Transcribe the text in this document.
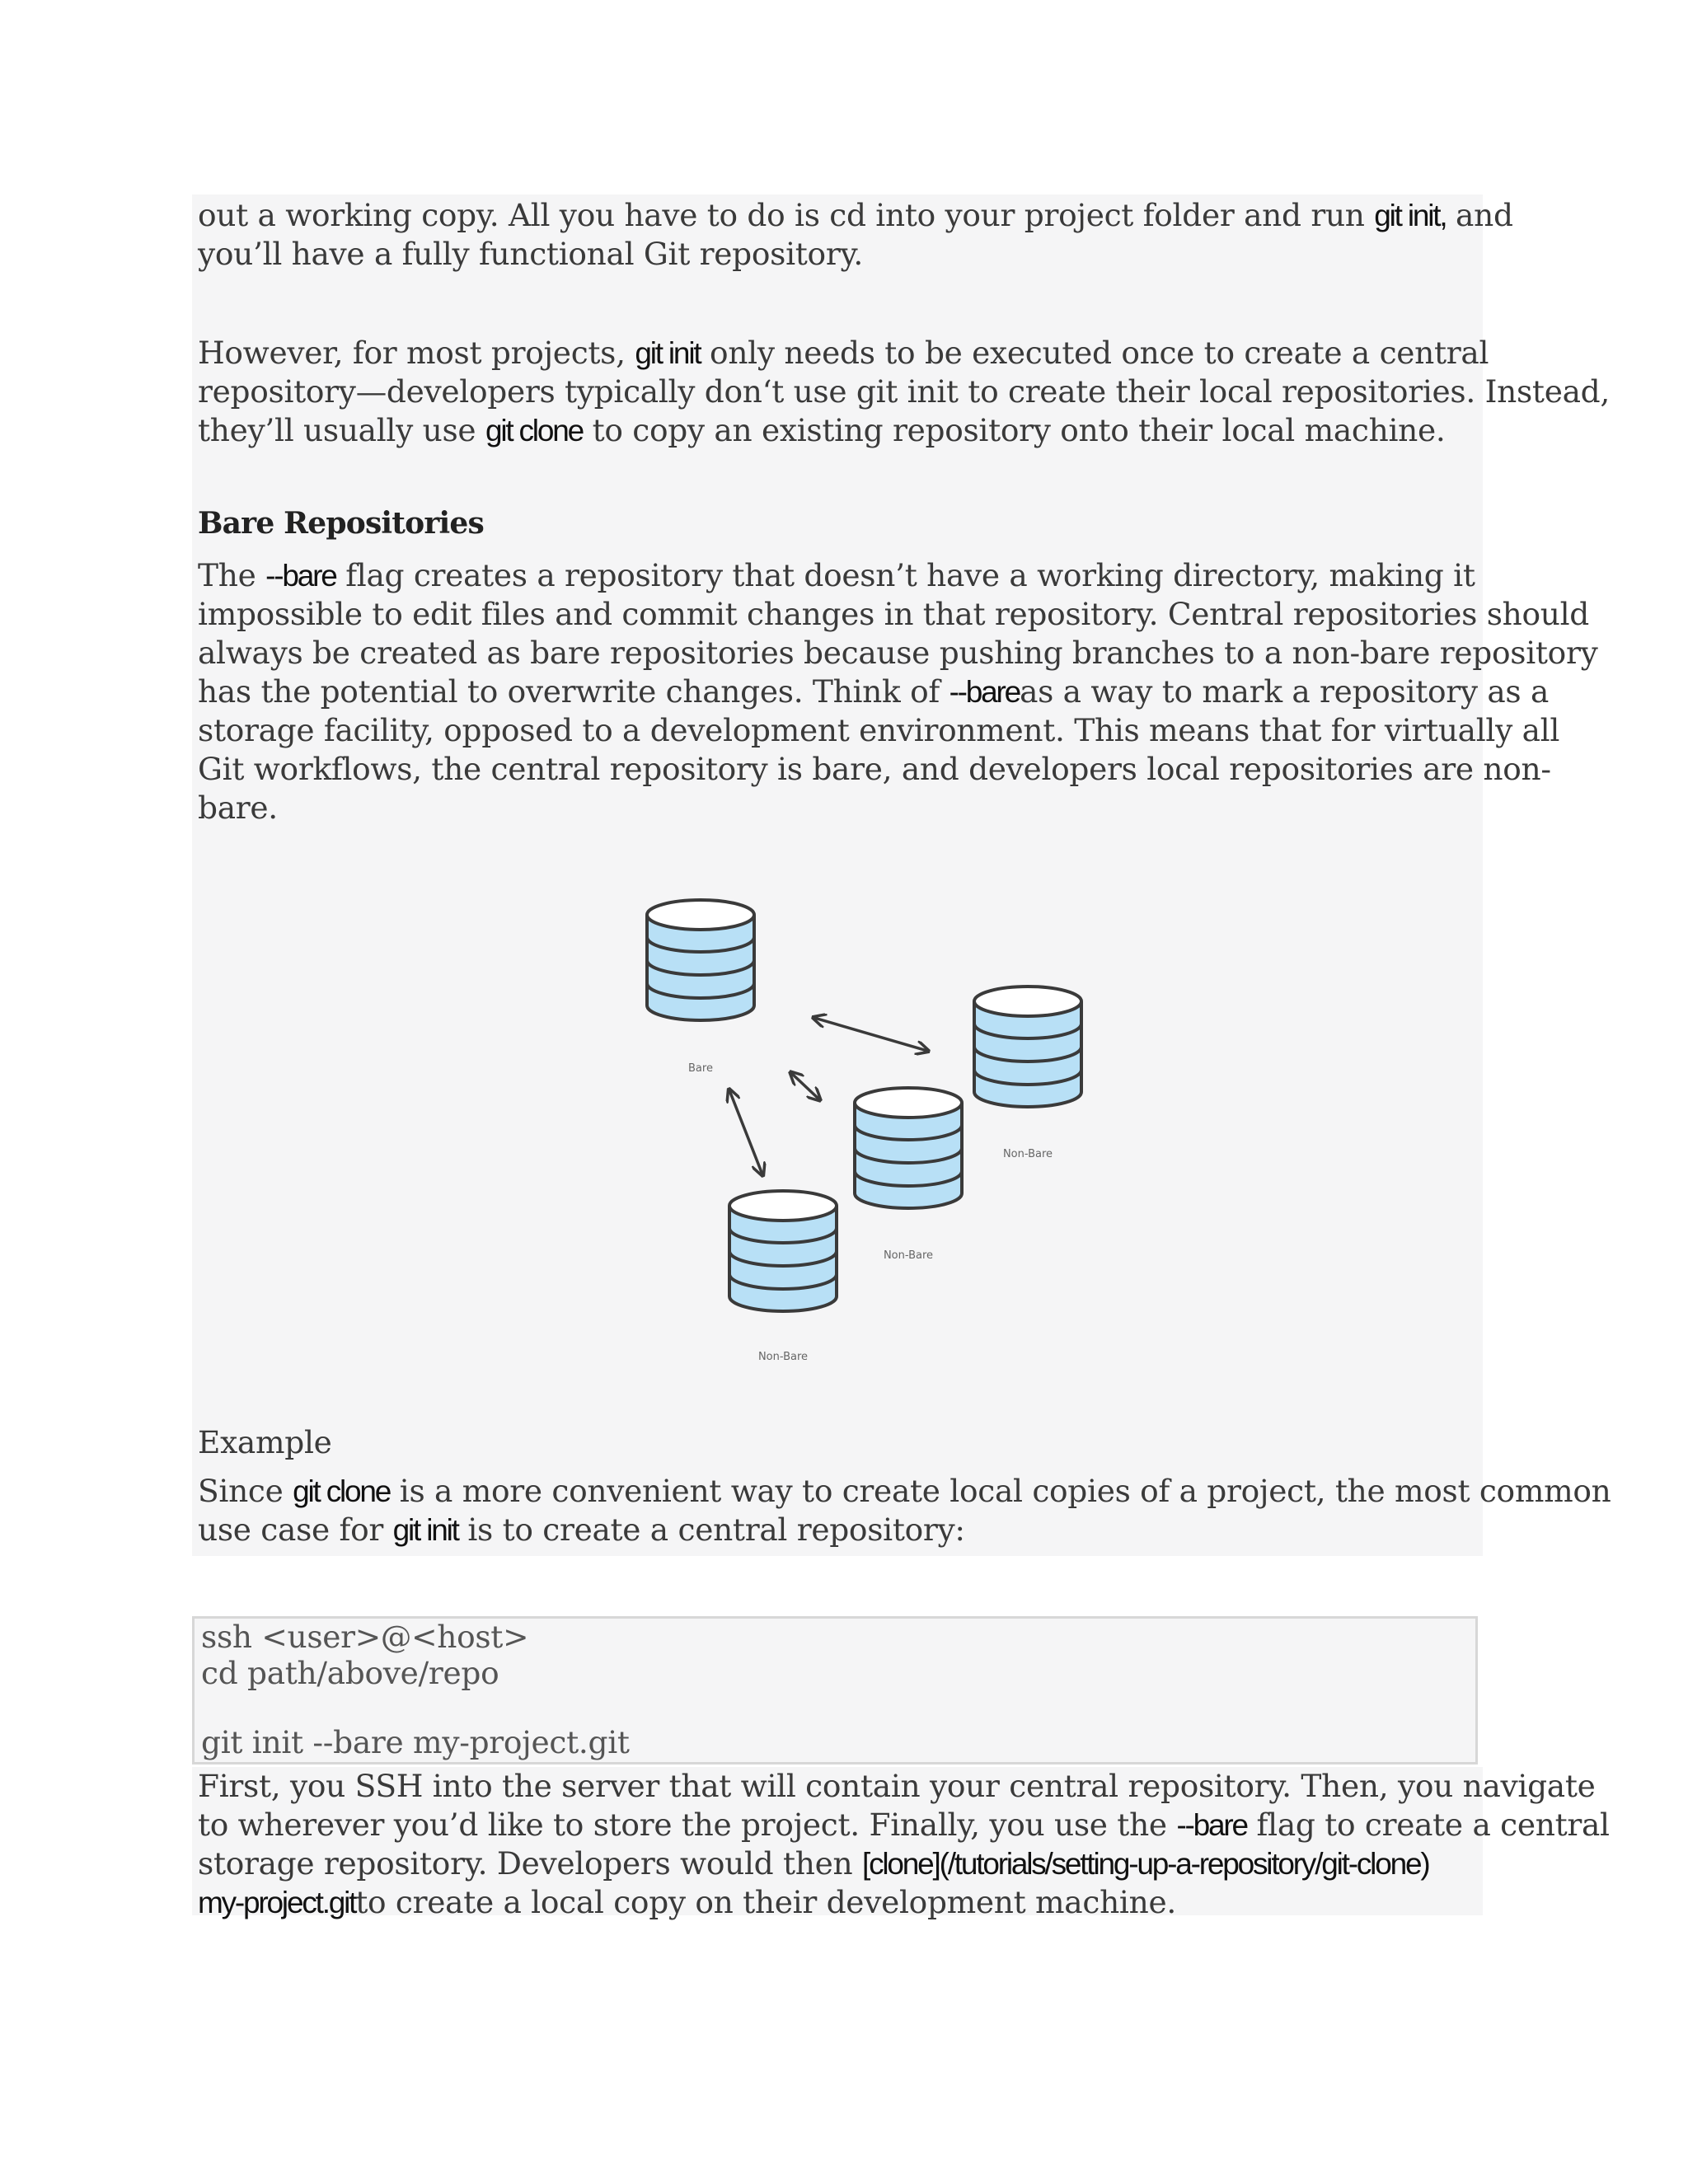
out a working copy. All you have to do is cd into your project folder and run git init, and

you’ll have a fully functional Git repository.

However, for most projects, git init only needs to be executed once to create a central

repository—developers typically don‘t use git init to create their local repositories. Instead,

they’ll usually use git clone to copy an existing repository onto their local machine.

Bare Repositories

The --bare flag creates a repository that doesn’t have a working directory, making it

impossible to edit files and commit changes in that repository. Central repositories should

always be created as bare repositories because pushing branches to a non-bare repository

has the potential to overwrite changes. Think of --bareas a way to mark a repository as a

storage facility, opposed to a development environment. This means that for virtually all

Git workflows, the central repository is bare, and developers local repositories are non-

bare.

Bare
Non-Bare
Non-Bare
Non-Bare

Example

Since git clone is a more convenient way to create local copies of a project, the most common

use case for git init is to create a central repository:

ssh <user>@<host>

cd path/above/repo

git init --bare my-project.git

First, you SSH into the server that will contain your central repository. Then, you navigate

to wherever you’d like to store the project. Finally, you use the --bare flag to create a central

storage repository. Developers would then [clone](/tutorials/setting-up-a-repository/git-clone)

my-project.gitto create a local copy on their development machine.
